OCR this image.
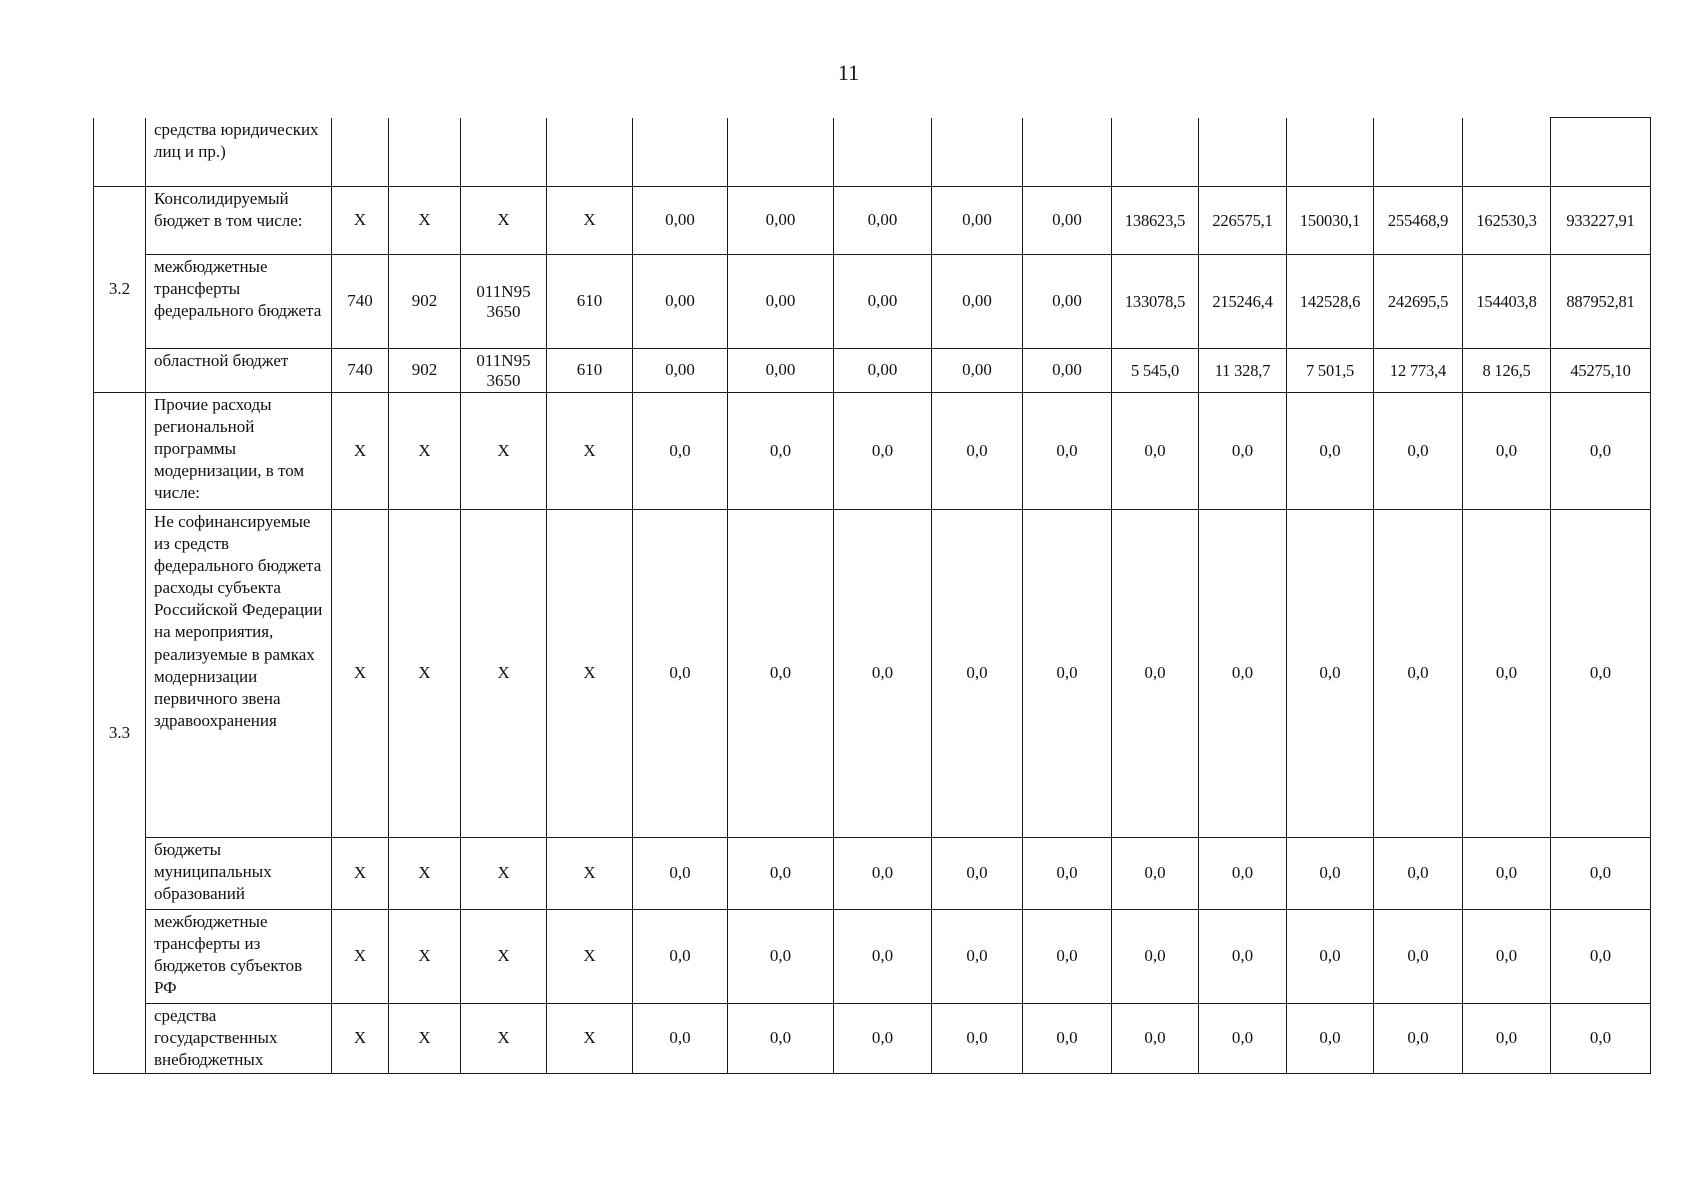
11
	средства юридических лиц и пр.)															
3.2	Консолидируемый бюджет в том числе:	X	X	X	X	0,00	0,00	0,00	0,00	0,00	138623,5	226575,1	150030,1	255468,9	162530,3	933227,91
	межбюджетные трансферты федерального бюджета	740	902	011N95 3650	610	0,00	0,00	0,00	0,00	0,00	133078,5	215246,4	142528,6	242695,5	154403,8	887952,81
	областной бюджет	740	902	011N95 3650	610	0,00	0,00	0,00	0,00	0,00	5 545,0	11 328,7	7 501,5	12 773,4	8 126,5	45275,10
3.3	Прочие расходы региональной программы модернизации, в том числе:	X	X	X	X	0,0	0,0	0,0	0,0	0,0	0,0	0,0	0,0	0,0	0,0	0,0
	Не софинансируемые из средств федерального бюджета расходы субъекта Российской Федерации на мероприятия, реализуемые в рамках модернизации первичного звена здравоохранения	X	X	X	X	0,0	0,0	0,0	0,0	0,0	0,0	0,0	0,0	0,0	0,0	0,0
	бюджеты муниципальных образований	X	X	X	X	0,0	0,0	0,0	0,0	0,0	0,0	0,0	0,0	0,0	0,0	0,0
	межбюджетные трансферты из бюджетов субъектов РФ	X	X	X	X	0,0	0,0	0,0	0,0	0,0	0,0	0,0	0,0	0,0	0,0	0,0
	средства государственных внебюджетных	X	X	X	X	0,0	0,0	0,0	0,0	0,0	0,0	0,0	0,0	0,0	0,0	0,0
